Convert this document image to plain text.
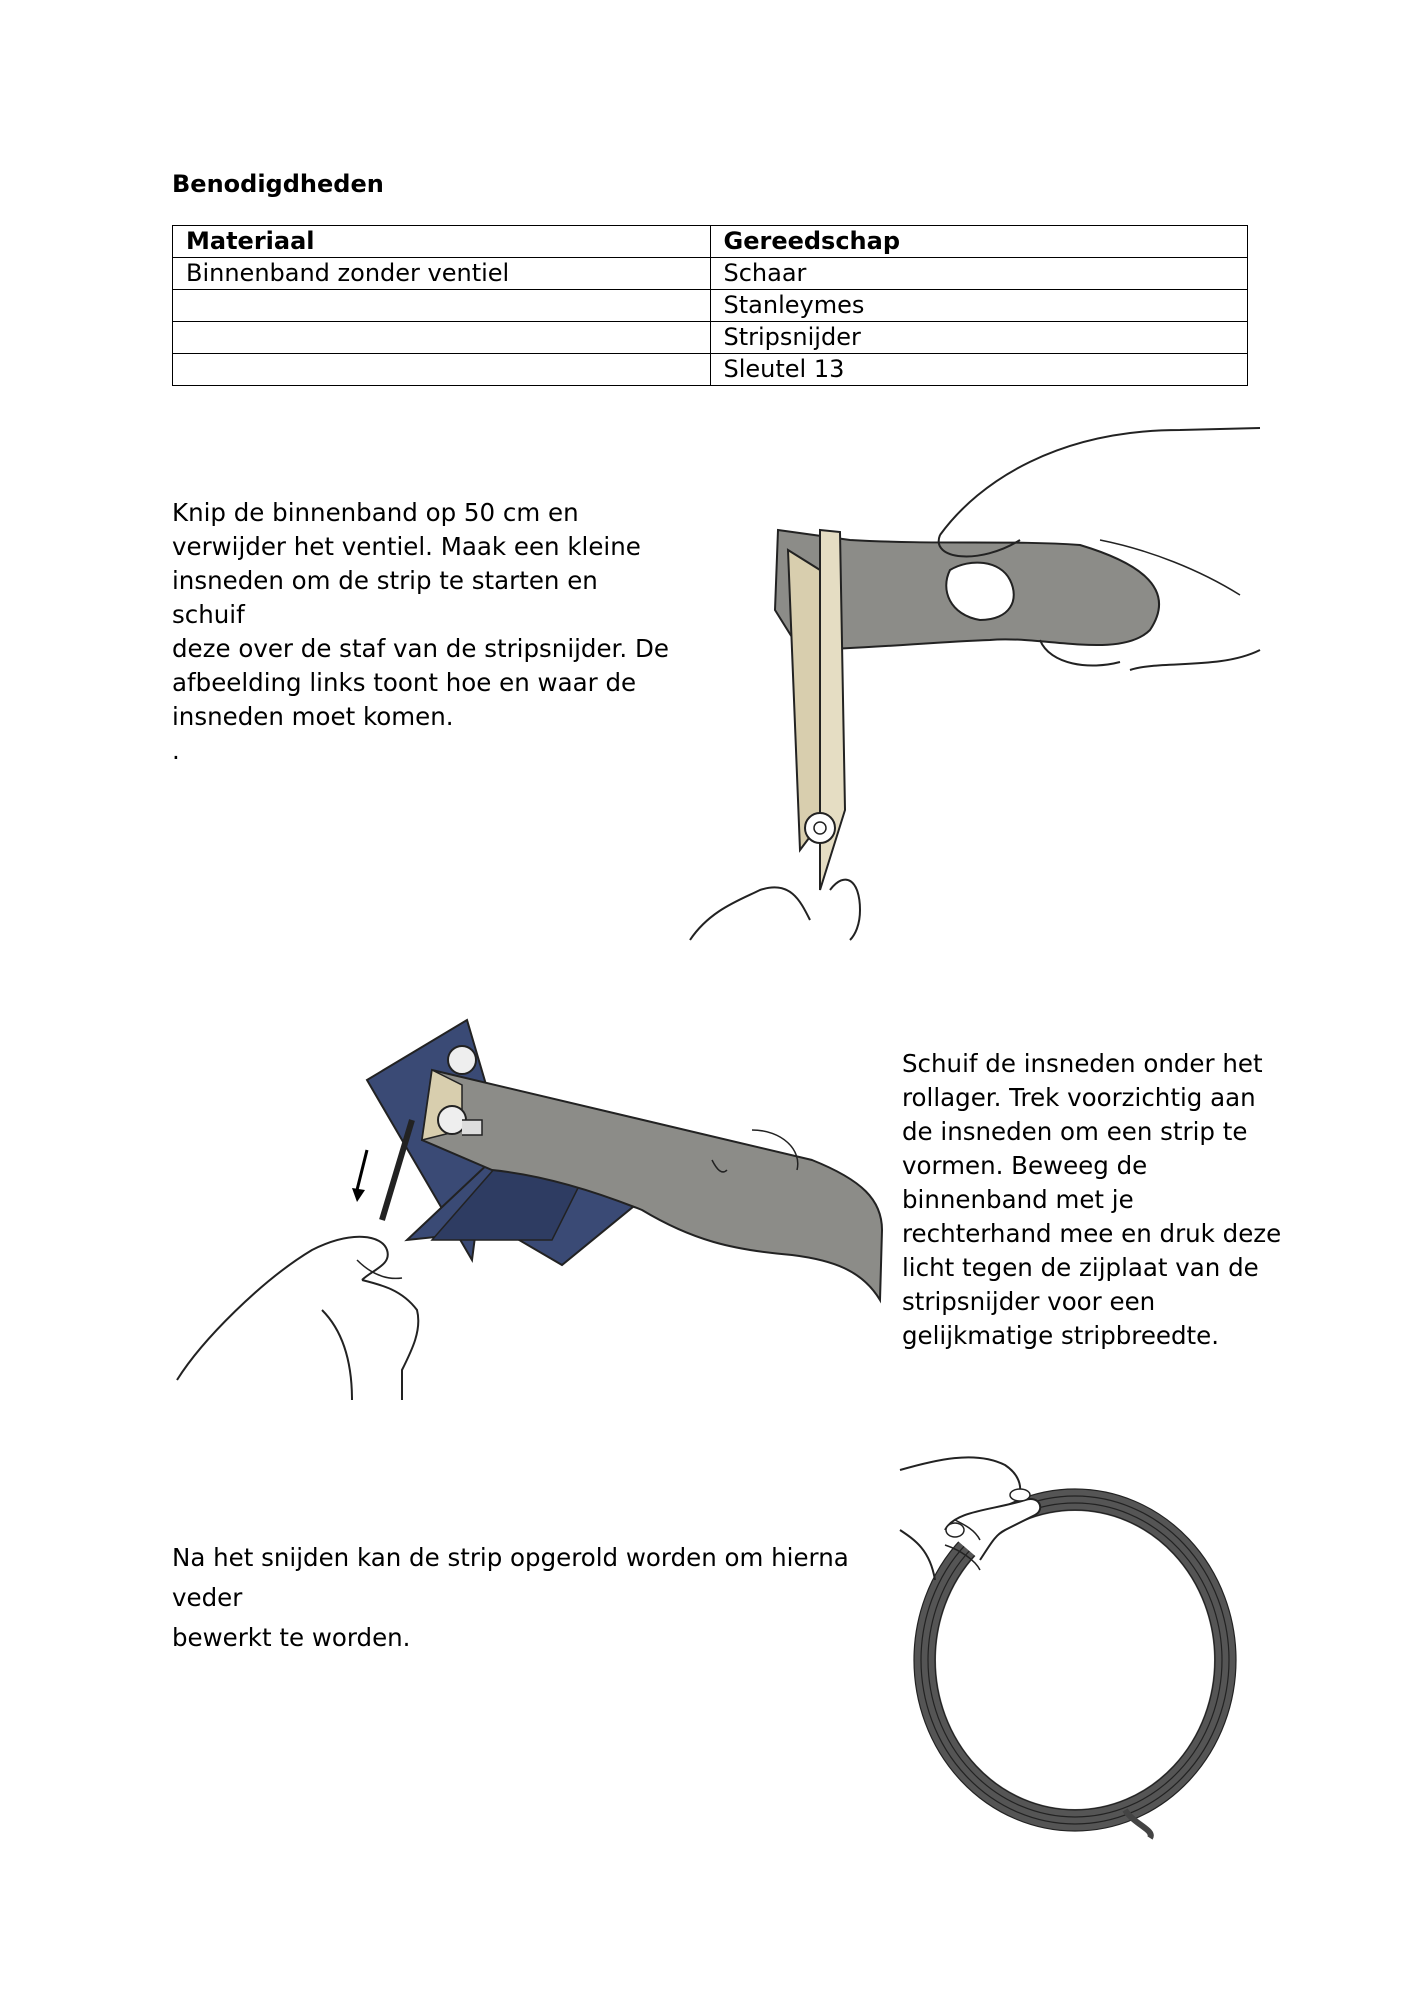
Benodigdheden
Materiaal	Gereedschap
Binnenband zonder ventiel	Schaar
	Stanleymes
	Stripsnijder
	Sleutel 13
Knip de binnenband op 50 cm en
verwijder het ventiel. Maak een kleine
insneden om de strip te starten en schuif
deze over de staf van de stripsnijder. De
afbeelding links toont hoe en waar de
insneden moet komen.
.
Schuif de insneden onder het
rollager. Trek voorzichtig aan
de insneden om een strip te
vormen. Beweeg de
binnenband met je
rechterhand mee en druk deze
licht tegen de zijplaat van de
stripsnijder voor een
gelijkmatige stripbreedte.
Na het snijden kan de strip opgerold worden om hierna veder
bewerkt te worden.
